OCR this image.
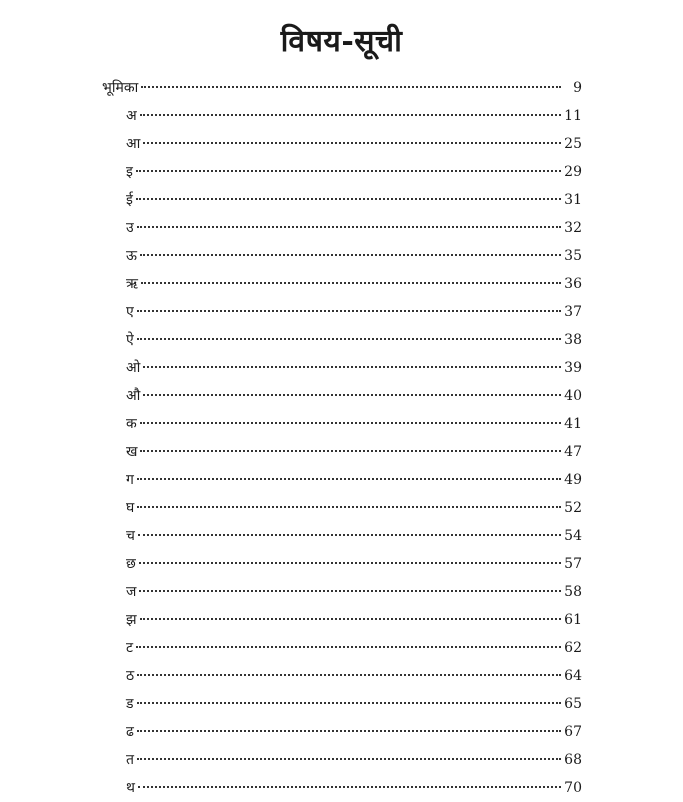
विषय-सूची
भूमिका	9
अ	11
आ	25
इ	29
ई	31
उ	32
ऊ	35
ऋ	36
ए	37
ऐ	38
ओ	39
औ	40
क	41
ख	47
ग	49
घ	52
च	54
छ	57
ज	58
झ	61
ट	62
ठ	64
ड	65
ढ	67
त	68
थ	70
